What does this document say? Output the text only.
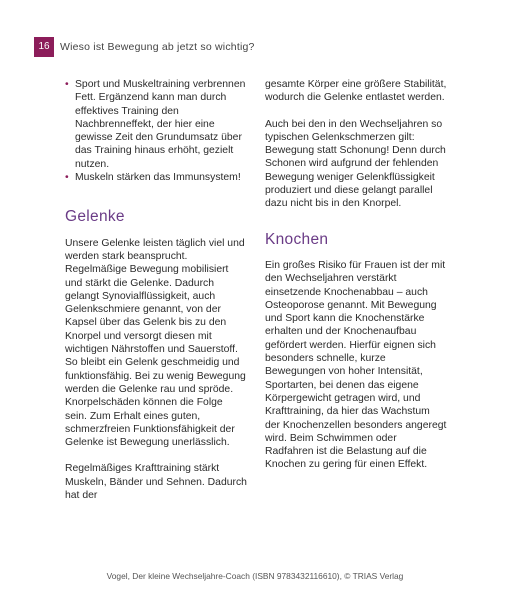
16 Wieso ist Bewegung ab jetzt so wichtig?
• Sport und Muskeltraining verbrennen Fett. Ergänzend kann man durch effektives Training den Nachbrenneffekt, der hier eine gewisse Zeit den Grundumsatz über das Training hinaus erhöht, gezielt nutzen.
• Muskeln stärken das Immunsystem!
Gelenke

Unsere Gelenke leisten täglich viel und werden stark beansprucht. Regelmäßige Bewegung mobilisiert und stärkt die Gelenke. Dadurch gelangt Synovialflüssigkeit, auch Gelenkschmiere genannt, von der Kapsel über das Gelenk bis zu den Knorpel und versorgt diesen mit wichtigen Nährstoffen und Sauerstoff. So bleibt ein Gelenk geschmeidig und funktionsfähig. Bei zu wenig Bewegung werden die Gelenke rau und spröde. Knorpelschäden können die Folge sein. Zum Erhalt eines guten, schmerzfreien Funktionsfähigkeit der Gelenke ist Bewegung unerlässlich.

Regelmäßiges Krafttraining stärkt Muskeln, Bänder und Sehnen. Dadurch hat der

gesamte Körper eine größere Stabilität, wodurch die Gelenke entlastet werden.

Auch bei den in den Wechseljahren so typischen Gelenkschmerzen gilt: Bewegung statt Schonung! Denn durch Schonen wird aufgrund der fehlenden Bewegung weniger Gelenkflüssigkeit produziert und diese gelangt parallel dazu nicht bis in den Knorpel.

Knochen

Ein großes Risiko für Frauen ist der mit den Wechseljahren verstärkt einsetzende Knochenabbau – auch Osteoporose genannt. Mit Bewegung und Sport kann die Knochenstärke erhalten und der Knochenaufbau gefördert werden. Hierfür eignen sich besonders schnelle, kurze Bewegungen von hoher Intensität, Sportarten, bei denen das eigene Körpergewicht getragen wird, und Krafttraining, da hier das Wachstum der Knochenzellen besonders angeregt wird. Beim Schwimmen oder Radfahren ist die Belastung auf die Knochen zu gering für einen Effekt.

Vogel, Der kleine Wechseljahre-Coach (ISBN 9783432116610), © TRIAS Verlag
